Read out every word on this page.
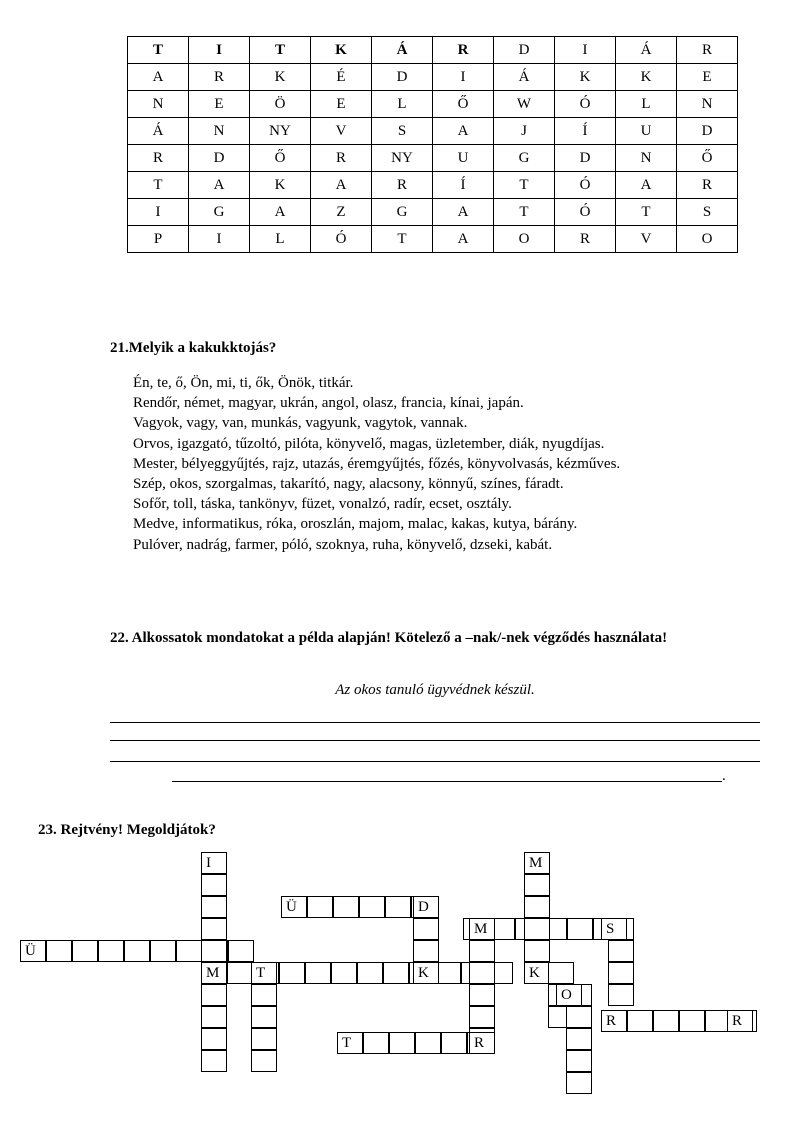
T	I	T	K	Á	R	D	I	Á	R
A	R	K	É	D	I	Á	K	K	E
N	E	Ö	E	L	Ő	W	Ó	L	N
Á	N	NY	V	S	A	J	Í	U	D
R	D	Ő	R	NY	U	G	D	N	Ő
T	A	K	A	R	Í	T	Ó	A	R
I	G	A	Z	G	A	T	Ó	T	S
P	I	L	Ó	T	A	O	R	V	O
21.Melyik a kakukktojás?
Én, te, ő, Ön, mi, ti, ők, Önök, titkár.
Rendőr, német, magyar, ukrán, angol, olasz, francia, kínai, japán.
Vagyok, vagy, van, munkás, vagyunk, vagytok, vannak.
Orvos, igazgató, tűzoltó, pilóta, könyvelő, magas, üzletember, diák, nyugdíjas.
Mester, bélyeggyűjtés, rajz, utazás, éremgyűjtés, főzés, könyvolvasás, kézműves.
Szép, okos, szorgalmas, takarító, nagy, alacsony, könnyű, színes, fáradt.
Sofőr, toll, táska, tankönyv, füzet, vonalzó, radír, ecset, osztály.
Medve, informatikus, róka, oroszlán, majom, malac, kakas, kutya, bárány.
Pulóver, nadrág, farmer, póló, szoknya, ruha, könyvelő, dzseki, kabát.
22. Alkossatok mondatokat a példa alapján! Kötelező a –nak/-nek végződés használata!
Az okos tanuló ügyvédnek készül.
.
23. Rejtvény! Megoldjátok?
Ü
M
Ü
R
T
I
T
D
K
M
M
K
S
O
R
R
